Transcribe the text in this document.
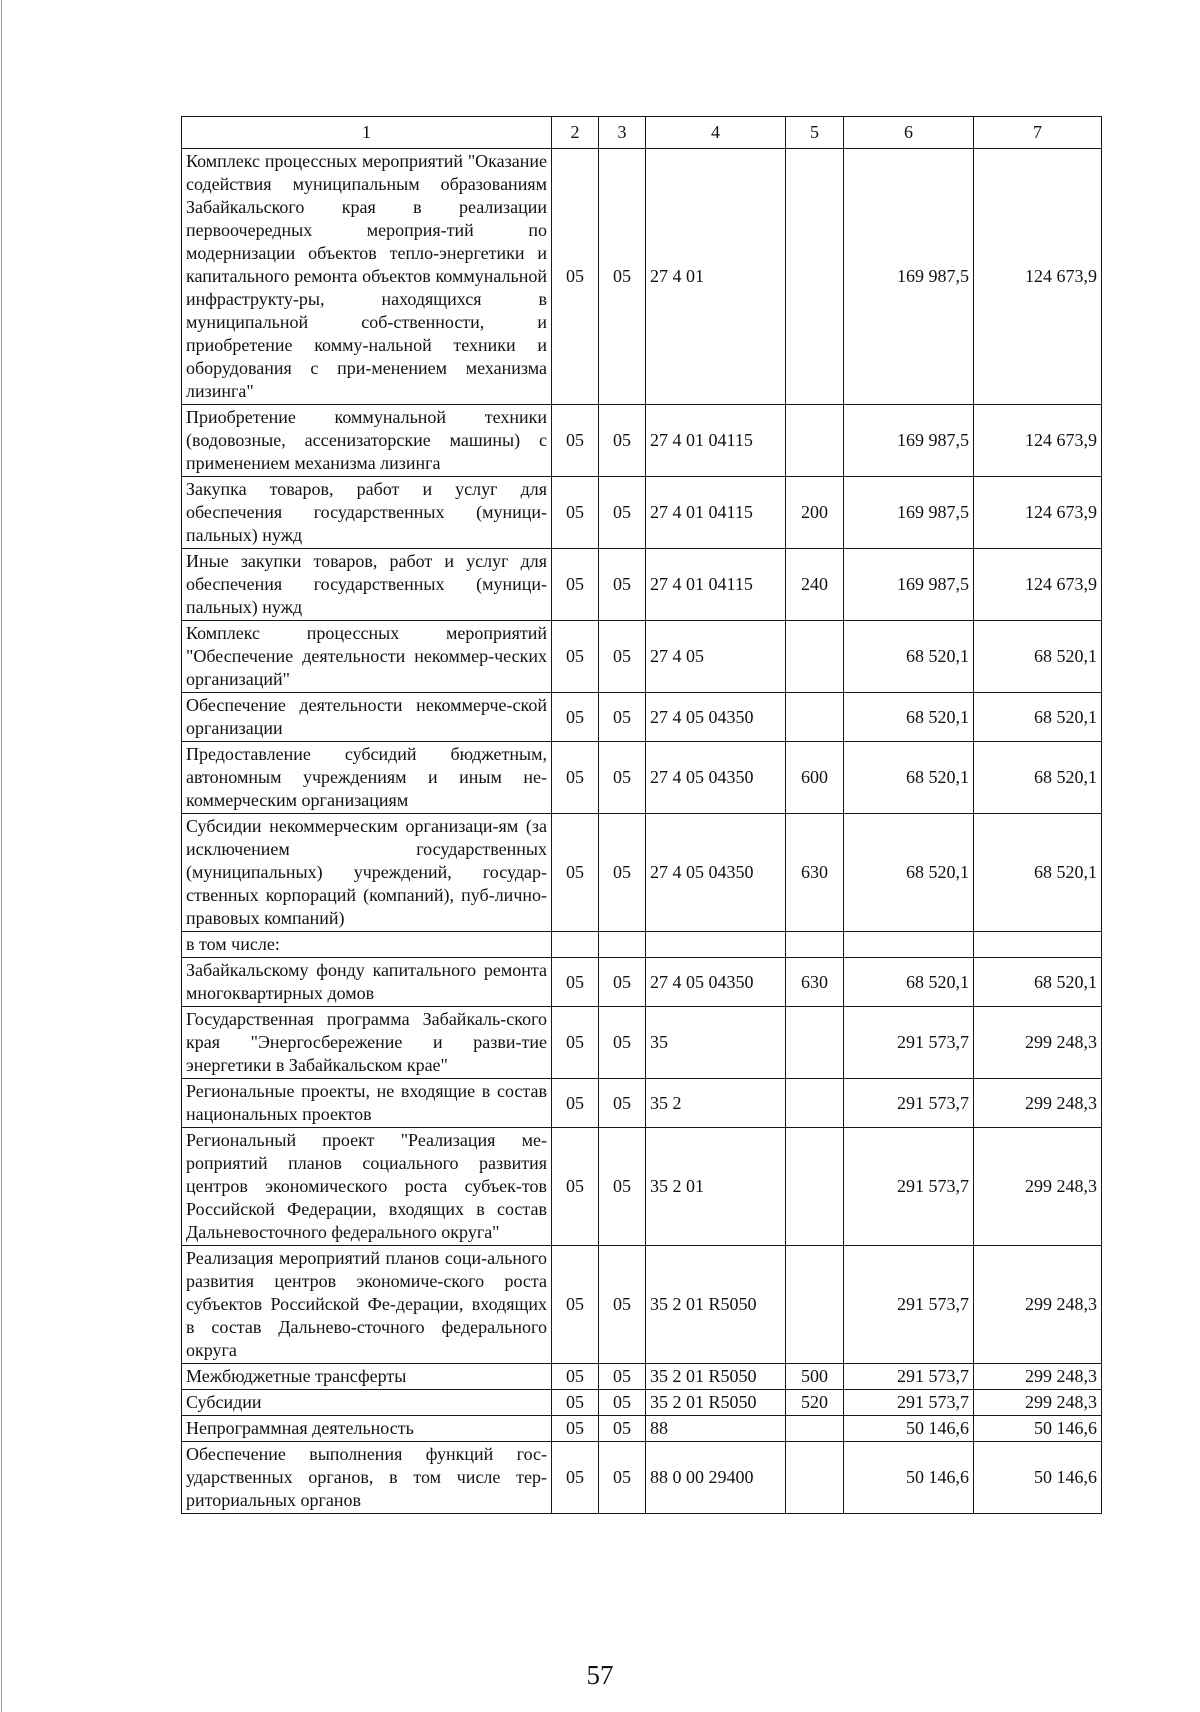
1	2	3	4	5	6	7
Комплекс процессных мероприятий "Оказание содействия муниципальным образованиям Забайкальского края в реализации первоочередных мероприя-тий по модернизации объектов тепло-энергетики и капитального ремонта объектов коммунальной инфраструкту-ры, находящихся в муниципальной соб-ственности, и приобретение комму-нальной техники и оборудования с при-менением механизма лизинга"	05	05	27 4 01		169 987,5	124 673,9
Приобретение коммунальной техники (водовозные, ассенизаторские машины) с применением механизма лизинга	05	05	27 4 01 04115		169 987,5	124 673,9
Закупка товаров, работ и услуг для обеспечения государственных (муници-пальных) нужд	05	05	27 4 01 04115	200	169 987,5	124 673,9
Иные закупки товаров, работ и услуг для обеспечения государственных (муници-пальных) нужд	05	05	27 4 01 04115	240	169 987,5	124 673,9
Комплекс процессных мероприятий "Обеспечение деятельности некоммер-ческих организаций"	05	05	27 4 05		68 520,1	68 520,1
Обеспечение деятельности некоммерче-ской организации	05	05	27 4 05 04350		68 520,1	68 520,1
Предоставление субсидий бюджетным, автономным учреждениям и иным не-коммерческим организациям	05	05	27 4 05 04350	600	68 520,1	68 520,1
Субсидии некоммерческим организаци-ям (за исключением государственных (муниципальных) учреждений, государ-ственных корпораций (компаний), пуб-лично-правовых компаний)	05	05	27 4 05 04350	630	68 520,1	68 520,1
в том числе:						
Забайкальскому фонду капитального ремонта многоквартирных домов	05	05	27 4 05 04350	630	68 520,1	68 520,1
Государственная программа Забайкаль-ского края "Энергосбережение и разви-тие энергетики в Забайкальском крае"	05	05	35		291 573,7	299 248,3
Региональные проекты, не входящие в состав национальных проектов	05	05	35 2		291 573,7	299 248,3
Региональный проект "Реализация ме-роприятий планов социального развития центров экономического роста субъек-тов Российской Федерации, входящих в состав Дальневосточного федерального округа"	05	05	35 2 01		291 573,7	299 248,3
Реализация мероприятий планов соци-ального развития центров экономиче-ского роста субъектов Российской Фе-дерации, входящих в состав Дальнево-сточного федерального округа	05	05	35 2 01 R5050		291 573,7	299 248,3
Межбюджетные трансферты	05	05	35 2 01 R5050	500	291 573,7	299 248,3
Субсидии	05	05	35 2 01 R5050	520	291 573,7	299 248,3
Непрограммная деятельность	05	05	88		50 146,6	50 146,6
Обеспечение выполнения функций гос-ударственных органов, в том числе тер-риториальных органов	05	05	88 0 00 29400		50 146,6	50 146,6
57
